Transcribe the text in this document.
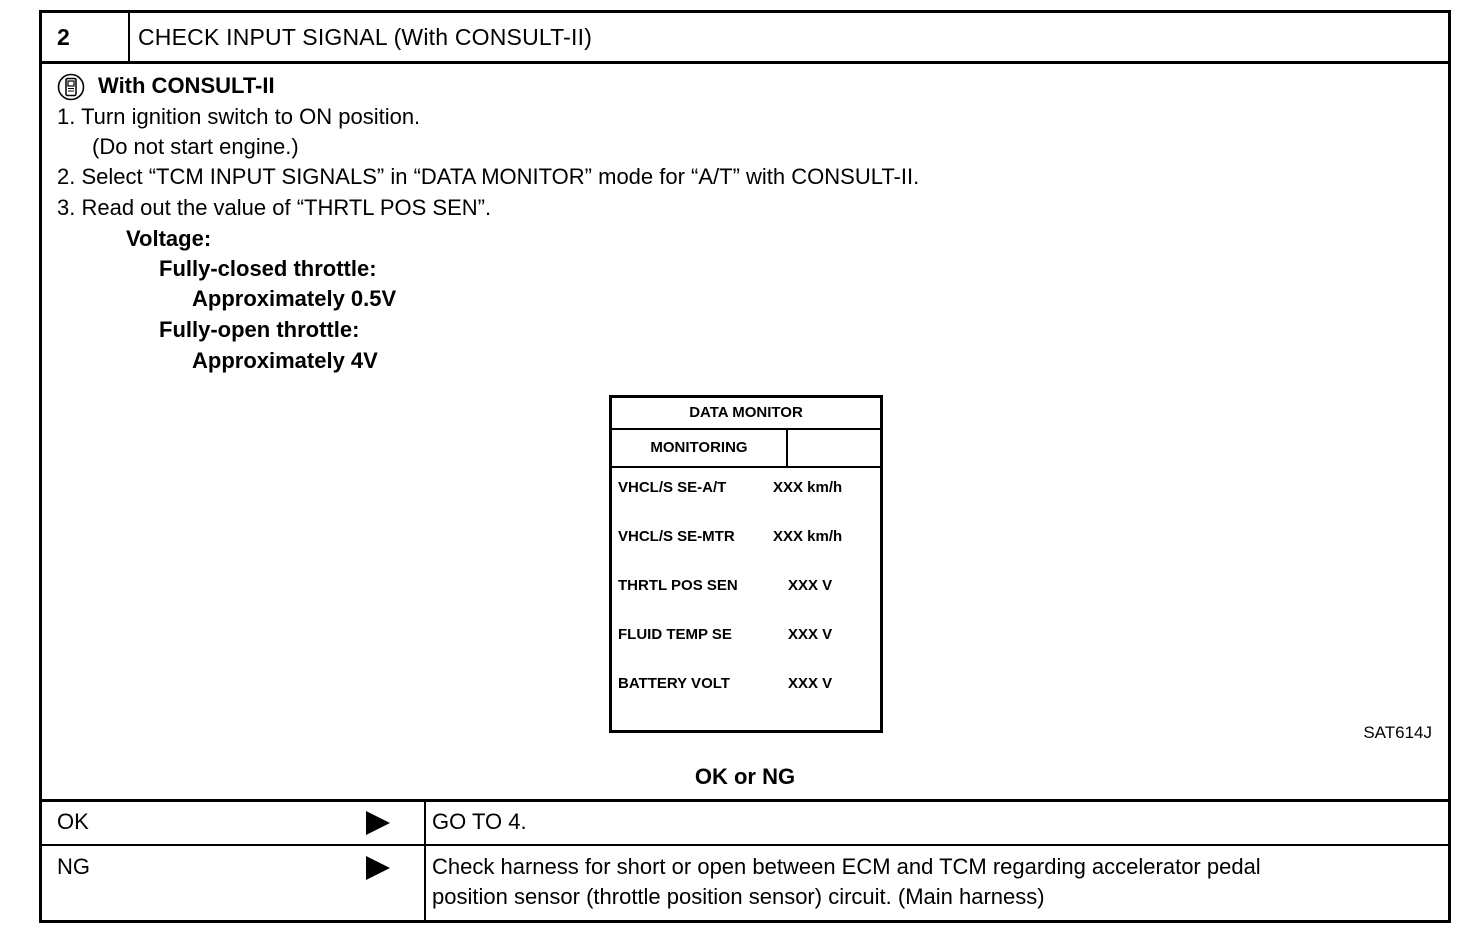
2	CHECK INPUT SIGNAL (With CONSULT-II)
With CONSULT-II
1. Turn ignition switch to ON position.
(Do not start engine.)
2. Select “TCM INPUT SIGNALS” in “DATA MONITOR” mode for “A/T” with CONSULT-II.
3. Read out the value of “THRTL POS SEN”.
Voltage:
Fully-closed throttle:
Approximately 0.5V
Fully-open throttle:
Approximately 4V
DATA MONITOR
MONITORING
VHCL/S SE-A/T	XXX km/h
VHCL/S SE-MTR	XXX km/h
THRTL POS SEN	XXX V
FLUID TEMP SE	XXX V
BATTERY VOLT	XXX V
SAT614J
OK or NG
OK	GO TO 4.
NG	Check harness for short or open between ECM and TCM regarding accelerator pedal
position sensor (throttle position sensor) circuit. (Main harness)
